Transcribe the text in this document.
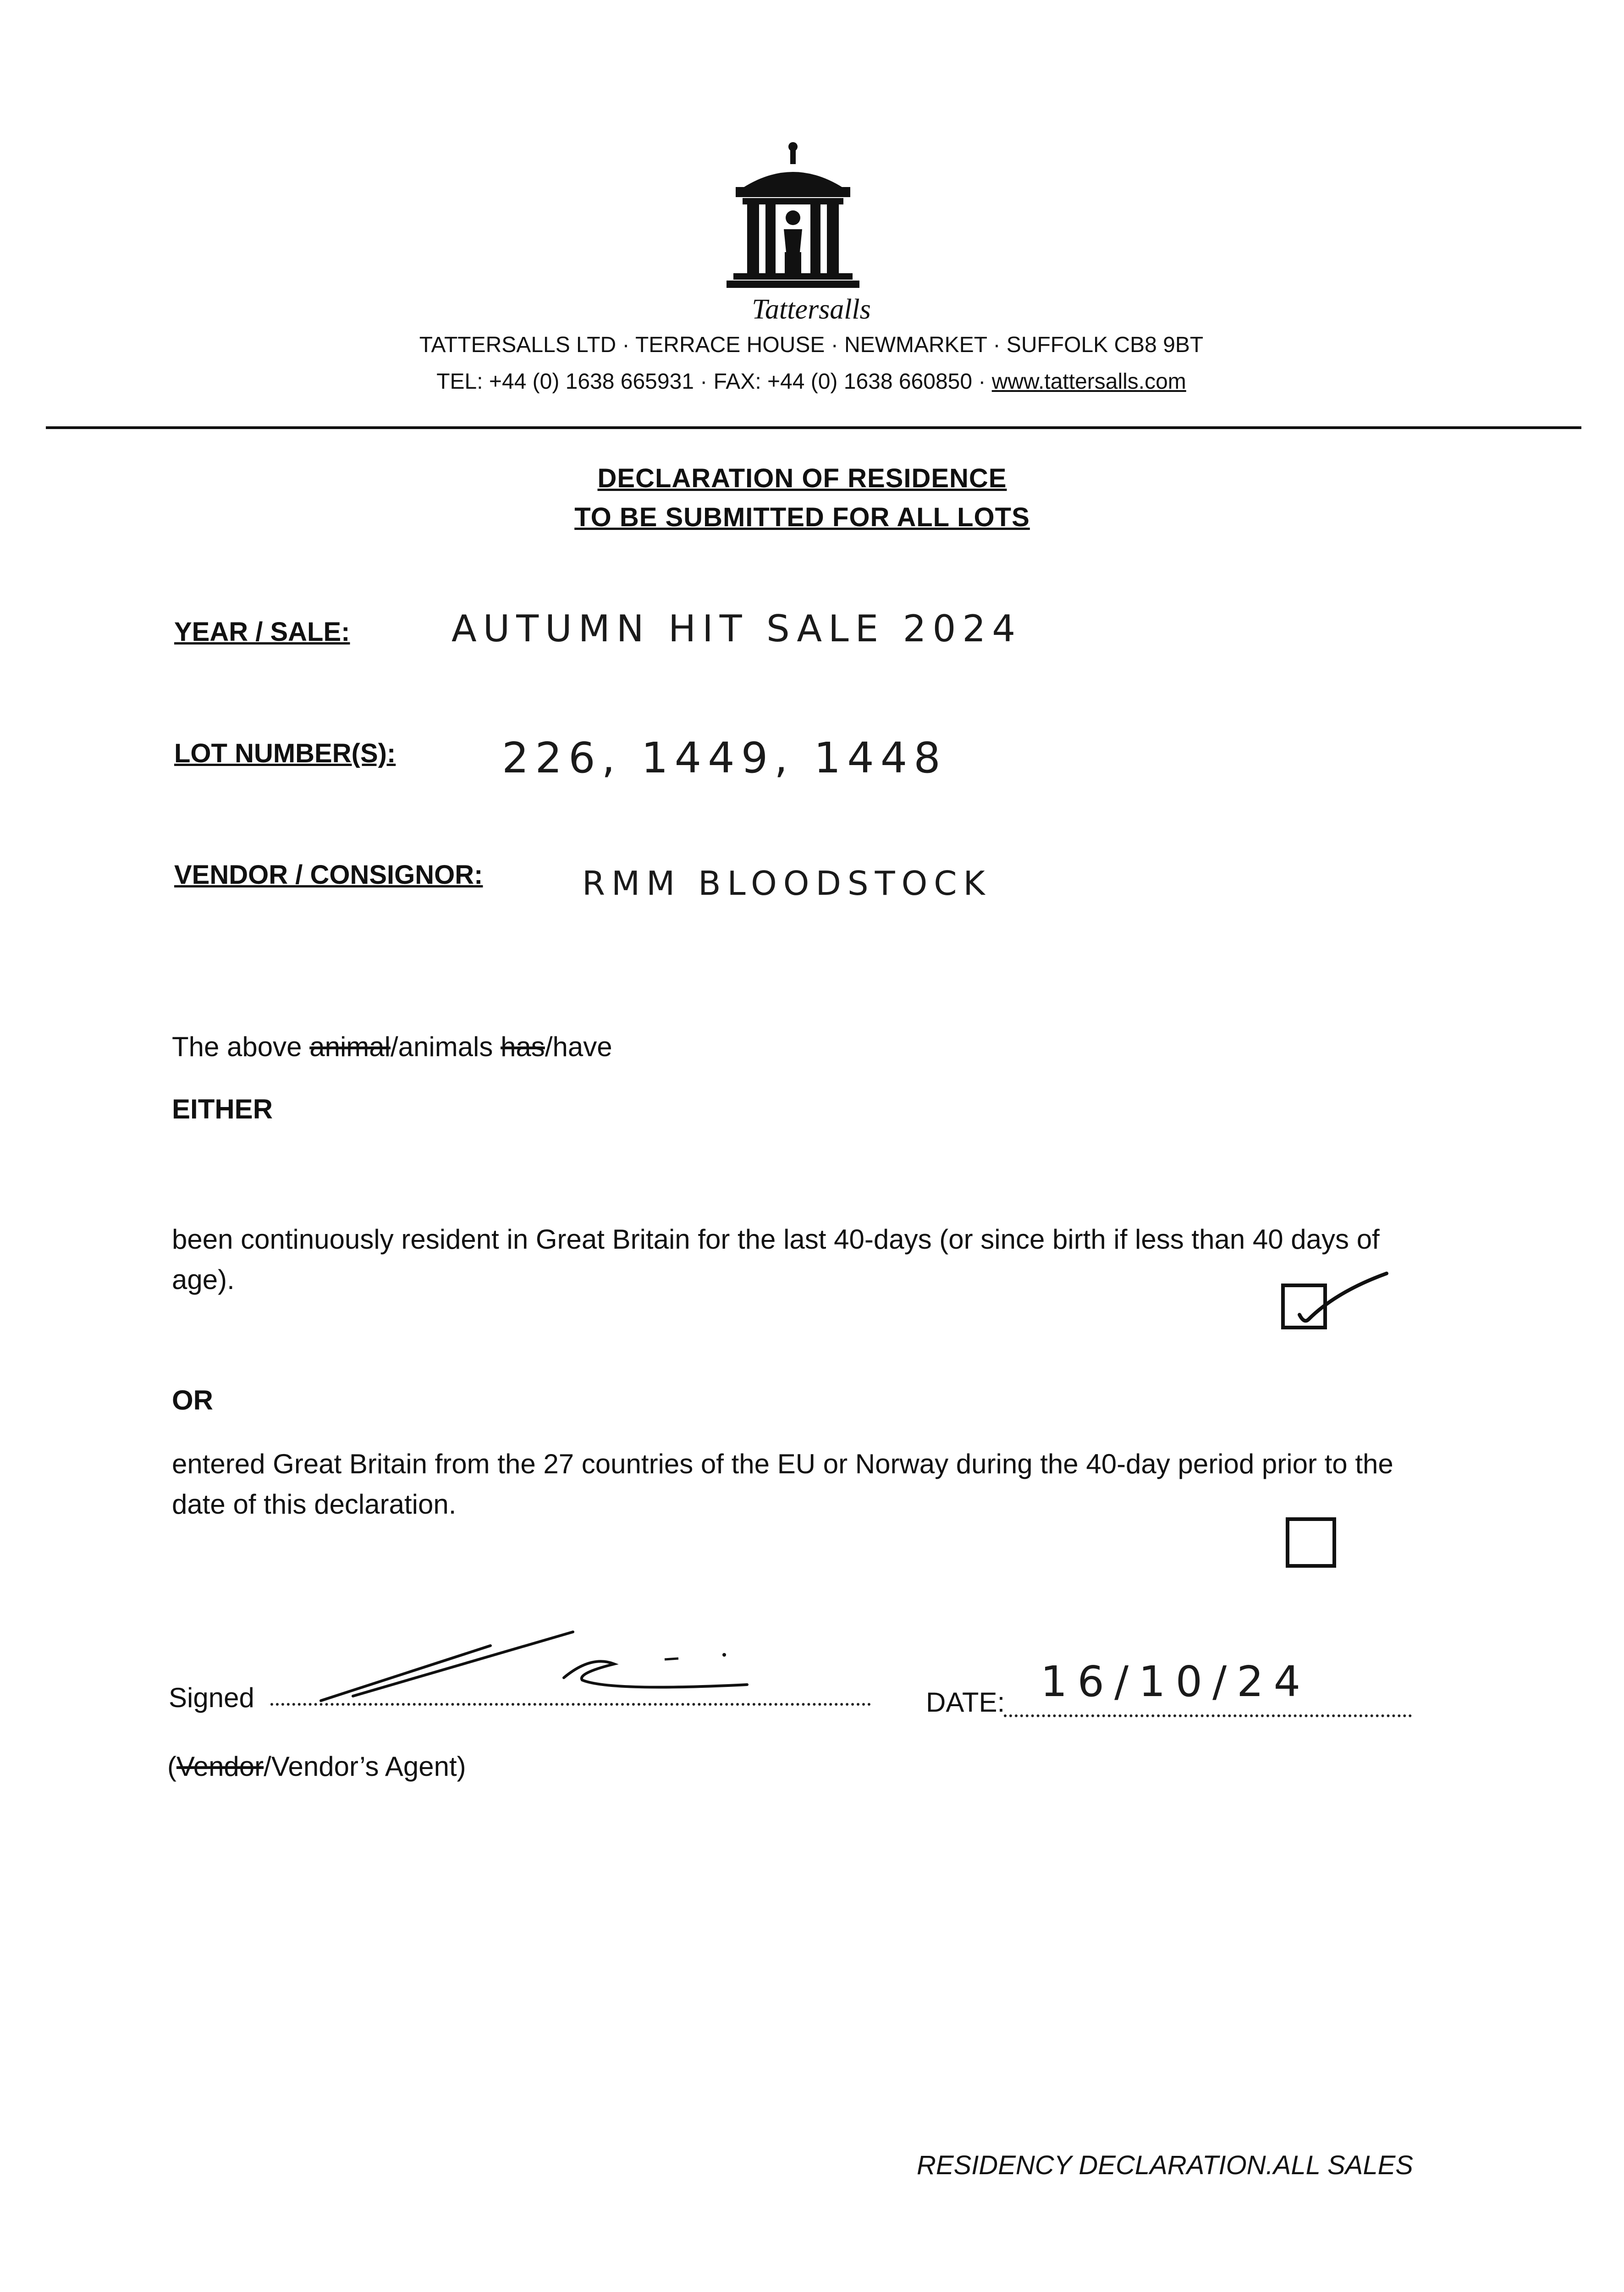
Tattersalls
TATTERSALLS LTD · TERRACE HOUSE · NEWMARKET · SUFFOLK CB8 9BT
TEL: +44 (0) 1638 665931 · FAX: +44 (0) 1638 660850 · www.tattersalls.com
DECLARATION OF RESIDENCE
TO BE SUBMITTED FOR ALL LOTS
YEAR / SALE:	AUTUMN HIT SALE 2024
LOT NUMBER(S):	226, 1449, 1448
VENDOR / CONSIGNOR:	RMM BLOODSTOCK
The above animal/animals has/have
EITHER
been continuously resident in Great Britain for the last 40-days (or since birth if less than 40 days of age).
OR
entered Great Britain from the 27 countries of the EU or Norway during the 40-day period prior to the date of this declaration.
Signed	DATE: 16/10/24
(Vendor/Vendor’s Agent)
RESIDENCY DECLARATION.ALL SALES
